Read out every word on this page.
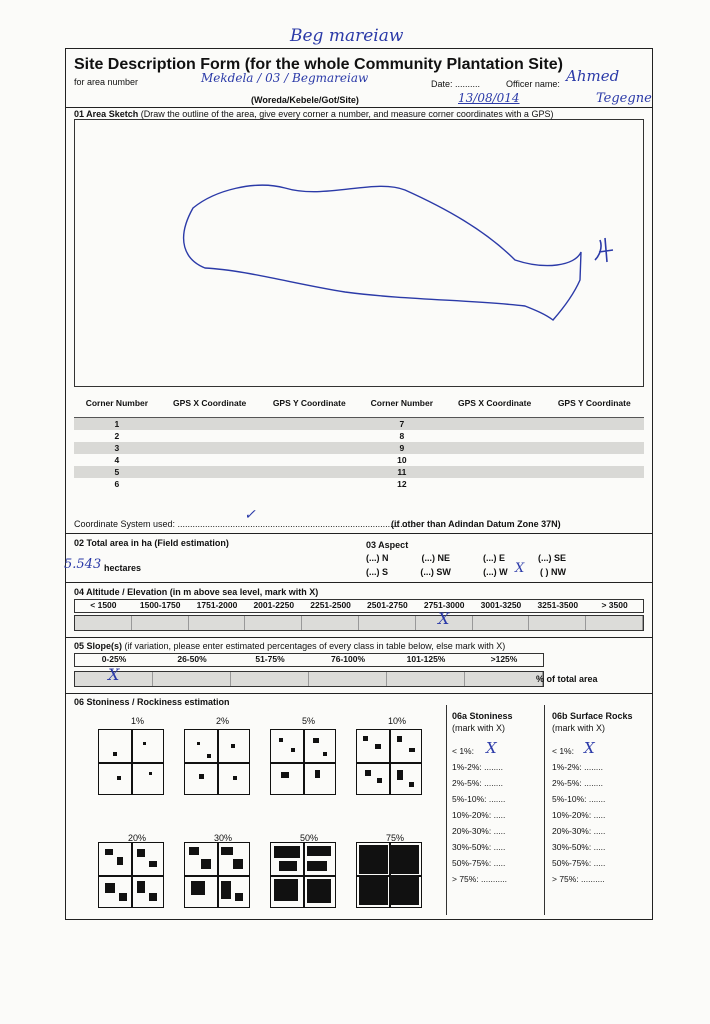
Beg mareiaw
Site Description Form (for the whole Community Plantation Site)
for area number	Mekdela / 03 / Begmareiaw	Date: ..........	Officer name: Ahmed
(Woreda/Kebele/Got/Site)	13/08/014	Tegegne
01 Area Sketch (Draw the outline of the area, give every corner a number, and measure corner coordinates with a GPS)
Corner Number	GPS X Coordinate	GPS Y Coordinate	Corner Number	GPS X Coordinate	GPS Y Coordinate
1			7		
2			8		
3			9		
4			10		
5			11		
6			12		
Coordinate System used: ...............................................................................................
✓
(if other than Adindan Datum Zone 37N)
02 Total area in ha (Field estimation)
5.543 hectares
03 Aspect
(...) N	(...) NE	(...) E	(...) SE
(...) S	(...) SW	(...) W	( ) NW
X
04 Altitude / Elevation (in m above sea level, mark with X)
< 1500	1500-1750	1751-2000	2001-2250	2251-2500	2501-2750	2751-3000	3001-3250	3251-3500	> 3500
X
05 Slope(s) (if variation, please enter estimated percentages of every class in table below, else mark with X)
0-25%	26-50%	51-75%	76-100%	101-125%	>125%
% of total area
X
06 Stoniness / Rockiness estimation
1%	2%	5%	10%
20%	30%	50%	75%
06a Stoniness
(mark with X)
< 1%:
1%-2%: ........
2%-5%: ........
5%-10%: .......
10%-20%: .....
20%-30%: .....
30%-50%: .....
50%-75%: .....
> 75%: ...........
X
06b Surface Rocks
(mark with X)
< 1%:
1%-2%: ........
2%-5%: ........
5%-10%: .......
10%-20%: .....
20%-30%: .....
30%-50%: .....
50%-75%: .....
> 75%: ..........
X
